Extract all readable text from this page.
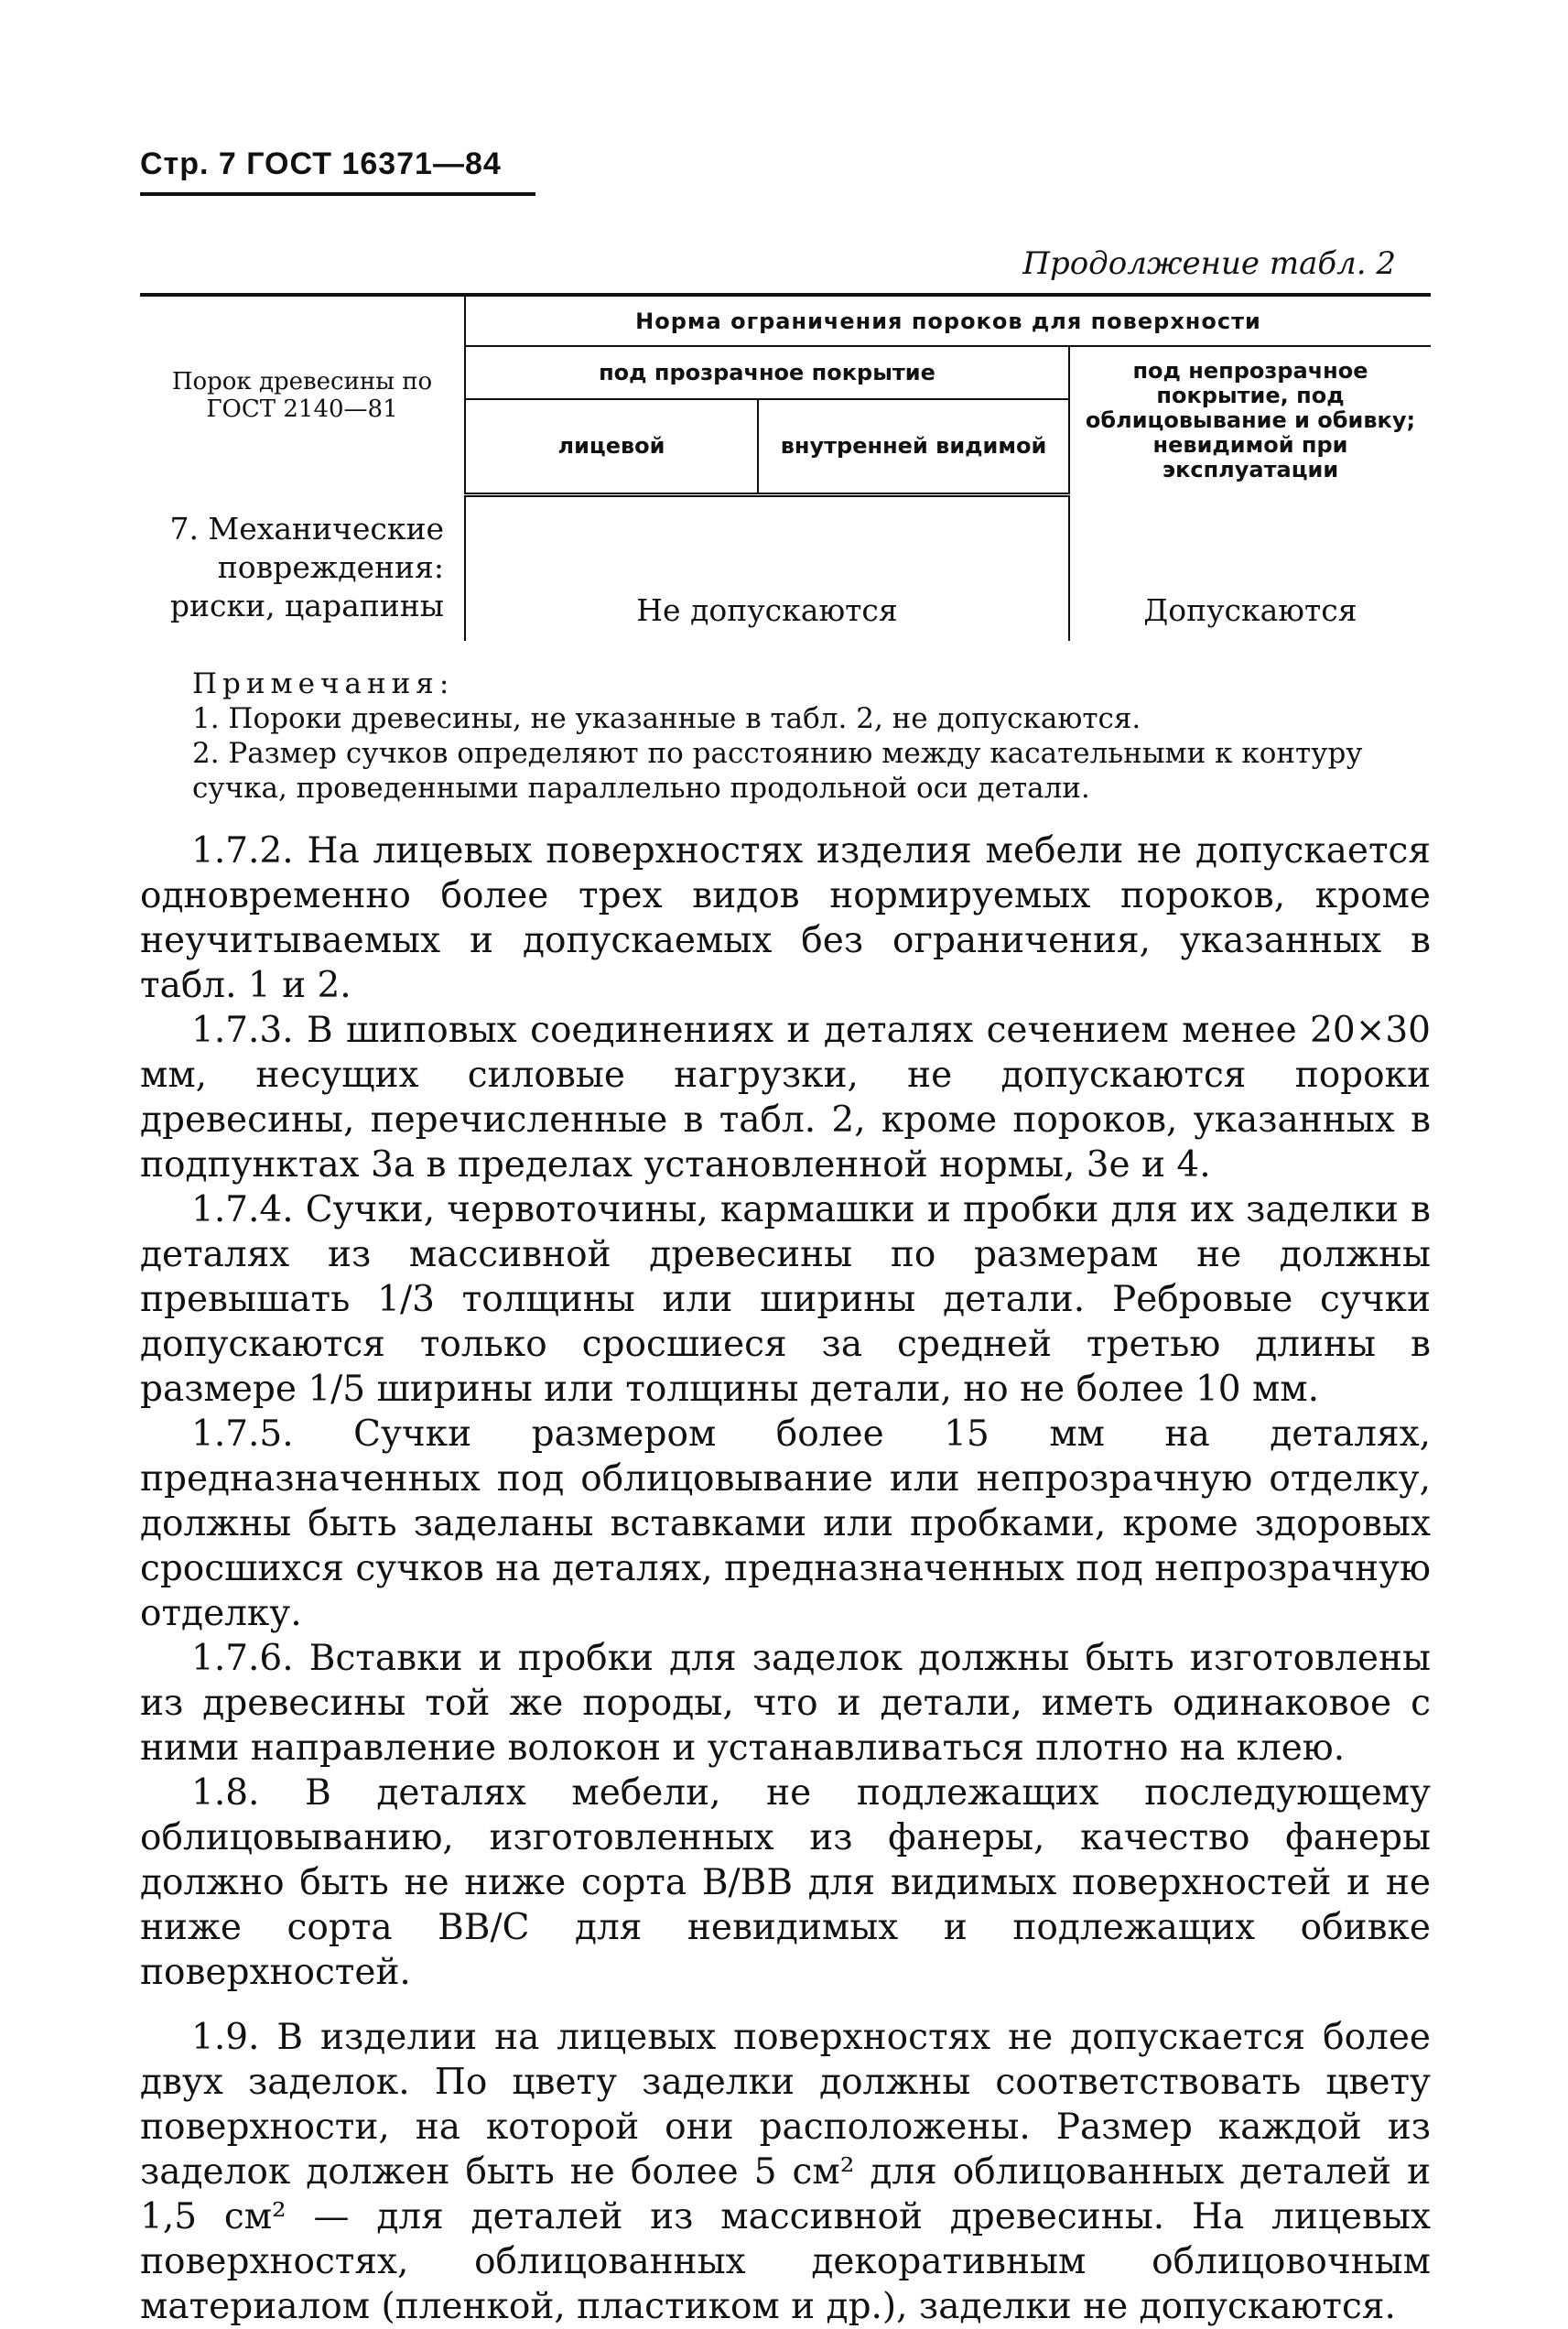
Стр. 7 ГОСТ 16371—84
Продолжение табл. 2
Порок древесины по ГОСТ 2140—81	Норма ограничения пороков для поверхности		
	под прозрачное покрытие		под непрозрачное покрытие, под облицовывание и обивку; невидимой при эксплуатации
	лицевой	внутренней видимой	
7. Механические повреждения: риски, царапины	Не допускаются		Допускаются
Примечания:
1. Пороки древесины, не указанные в табл. 2, не допускаются.
2. Размер сучков определяют по расстоянию между касательными к контуру сучка, проведенными параллельно продольной оси детали.

1.7.2. На лицевых поверхностях изделия мебели не допускается одновременно более трех видов нормируемых пороков, кроме неучитываемых и допускаемых без ограничения, указанных в табл. 1 и 2.

1.7.3. В шиповых соединениях и деталях сечением менее 20×30 мм, несущих силовые нагрузки, не допускаются пороки древесины, перечисленные в табл. 2, кроме пороков, указанных в подпунктах 3а в пределах установленной нормы, 3е и 4.

1.7.4. Сучки, червоточины, кармашки и пробки для их заделки в деталях из массивной древесины по размерам не должны превышать 1/3 толщины или ширины детали. Ребровые сучки допускаются только сросшиеся за средней третью длины в размере 1/5 ширины или толщины детали, но не более 10 мм.

1.7.5. Сучки размером более 15 мм на деталях, предназначенных под облицовывание или непрозрачную отделку, должны быть заделаны вставками или пробками, кроме здоровых сросшихся сучков на деталях, предназначенных под непрозрачную отделку.

1.7.6. Вставки и пробки для заделок должны быть изготовлены из древесины той же породы, что и детали, иметь одинаковое с ними направление волокон и устанавливаться плотно на клею.

1.8. В деталях мебели, не подлежащих последующему облицовыванию, изготовленных из фанеры, качество фанеры должно быть не ниже сорта В/ВВ для видимых поверхностей и не ниже сорта ВВ/С для невидимых и подлежащих обивке поверхностей.

1.9. В изделии на лицевых поверхностях не допускается более двух заделок. По цвету заделки должны соответствовать цвету поверхности, на которой они расположены. Размер каждой из заделок должен быть не более 5 см² для облицованных деталей и 1,5 см² — для деталей из массивной древесины. На лицевых поверхностях, облицованных декоративным облицовочным материалом (пленкой, пластиком и др.), заделки не допускаются.
